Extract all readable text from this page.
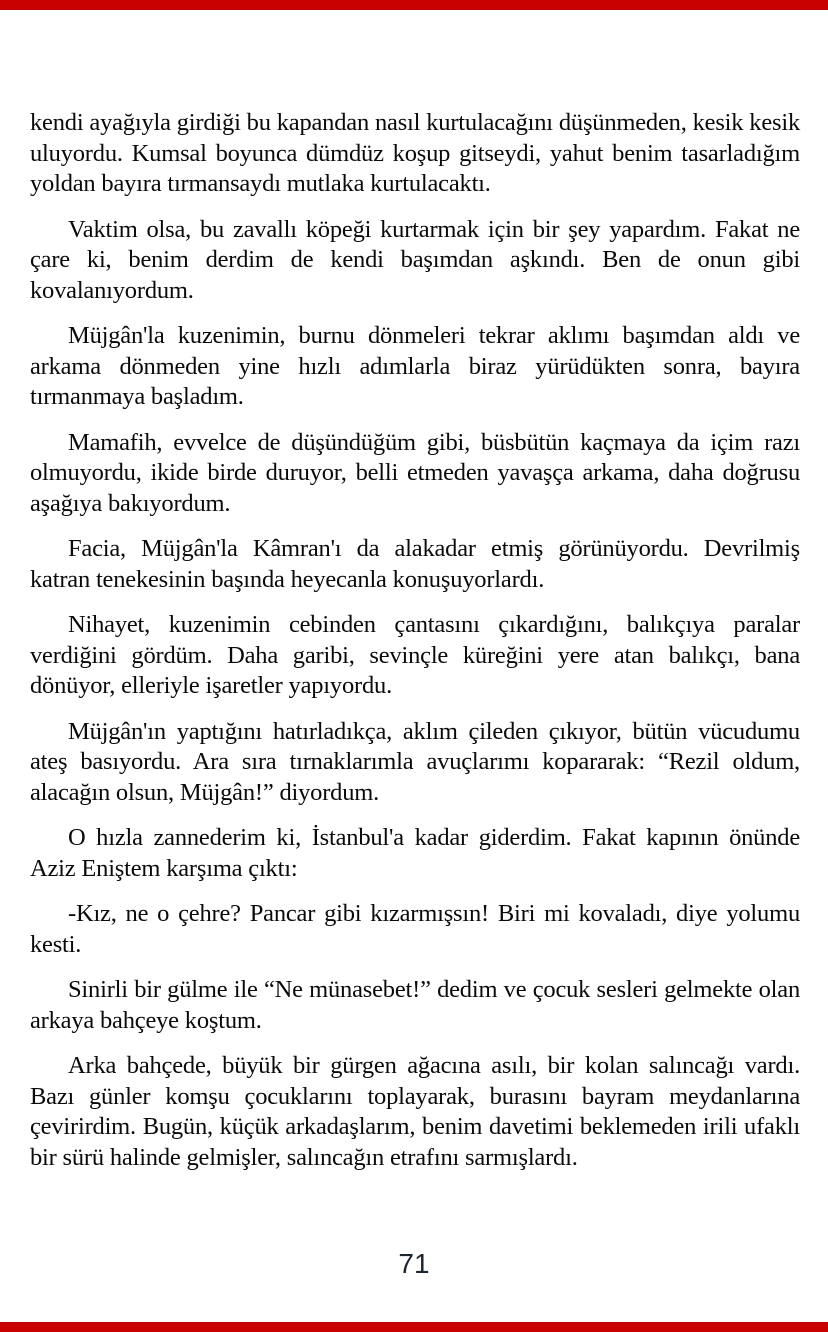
kendi ayağıyla girdiği bu kapandan nasıl kurtulacağını düşünmeden, kesik kesik uluyordu. Kumsal boyunca dümdüz koşup gitseydi, yahut benim tasarladığım yoldan bayıra tırmansaydı mutlaka kurtulacaktı.

Vaktim olsa, bu zavallı köpeği kurtarmak için bir şey yapardım. Fakat ne çare ki, benim derdim de kendi başımdan aşkındı. Ben de onun gibi kovalanıyordum.

Müjgân'la kuzenimin, burnu dönmeleri tekrar aklımı başımdan aldı ve arkama dönmeden yine hızlı adımlarla biraz yürüdükten sonra, bayıra tırmanmaya başladım.

Mamafih, evvelce de düşündüğüm gibi, büsbütün kaçmaya da içim razı olmuyordu, ikide birde duruyor, belli etmeden yavaşça arkama, daha doğrusu aşağıya bakıyordum.

Facia, Müjgân'la Kâmran'ı da alakadar etmiş görünüyordu. Devrilmiş katran tenekesinin başında heyecanla konuşuyorlardı.

Nihayet, kuzenimin cebinden çantasını çıkardığını, balıkçıya paralar verdiğini gördüm. Daha garibi, sevinçle küreğini yere atan balıkçı, bana dönüyor, elleriyle işaretler yapıyordu.

Müjgân'ın yaptığını hatırladıkça, aklım çileden çıkıyor, bütün vücudumu ateş basıyordu. Ara sıra tırnaklarımla avuçlarımı kopararak: “Rezil oldum, alacağın olsun, Müjgân!” diyordum.

O hızla zannederim ki, İstanbul'a kadar giderdim. Fakat kapının önünde Aziz Eniştem karşıma çıktı:

-Kız, ne o çehre? Pancar gibi kızarmışsın! Biri mi kovaladı, diye yolumu kesti.

Sinirli bir gülme ile “Ne münasebet!” dedim ve çocuk sesleri gelmekte olan arkaya bahçeye koştum.

Arka bahçede, büyük bir gürgen ağacına asılı, bir kolan salıncağı vardı. Bazı günler komşu çocuklarını toplayarak, burasını bayram meydanlarına çevirirdim. Bugün, küçük arkadaşlarım, benim davetimi beklemeden irili ufaklı bir sürü halinde gelmişler, salıncağın etrafını sarmışlardı.

71
